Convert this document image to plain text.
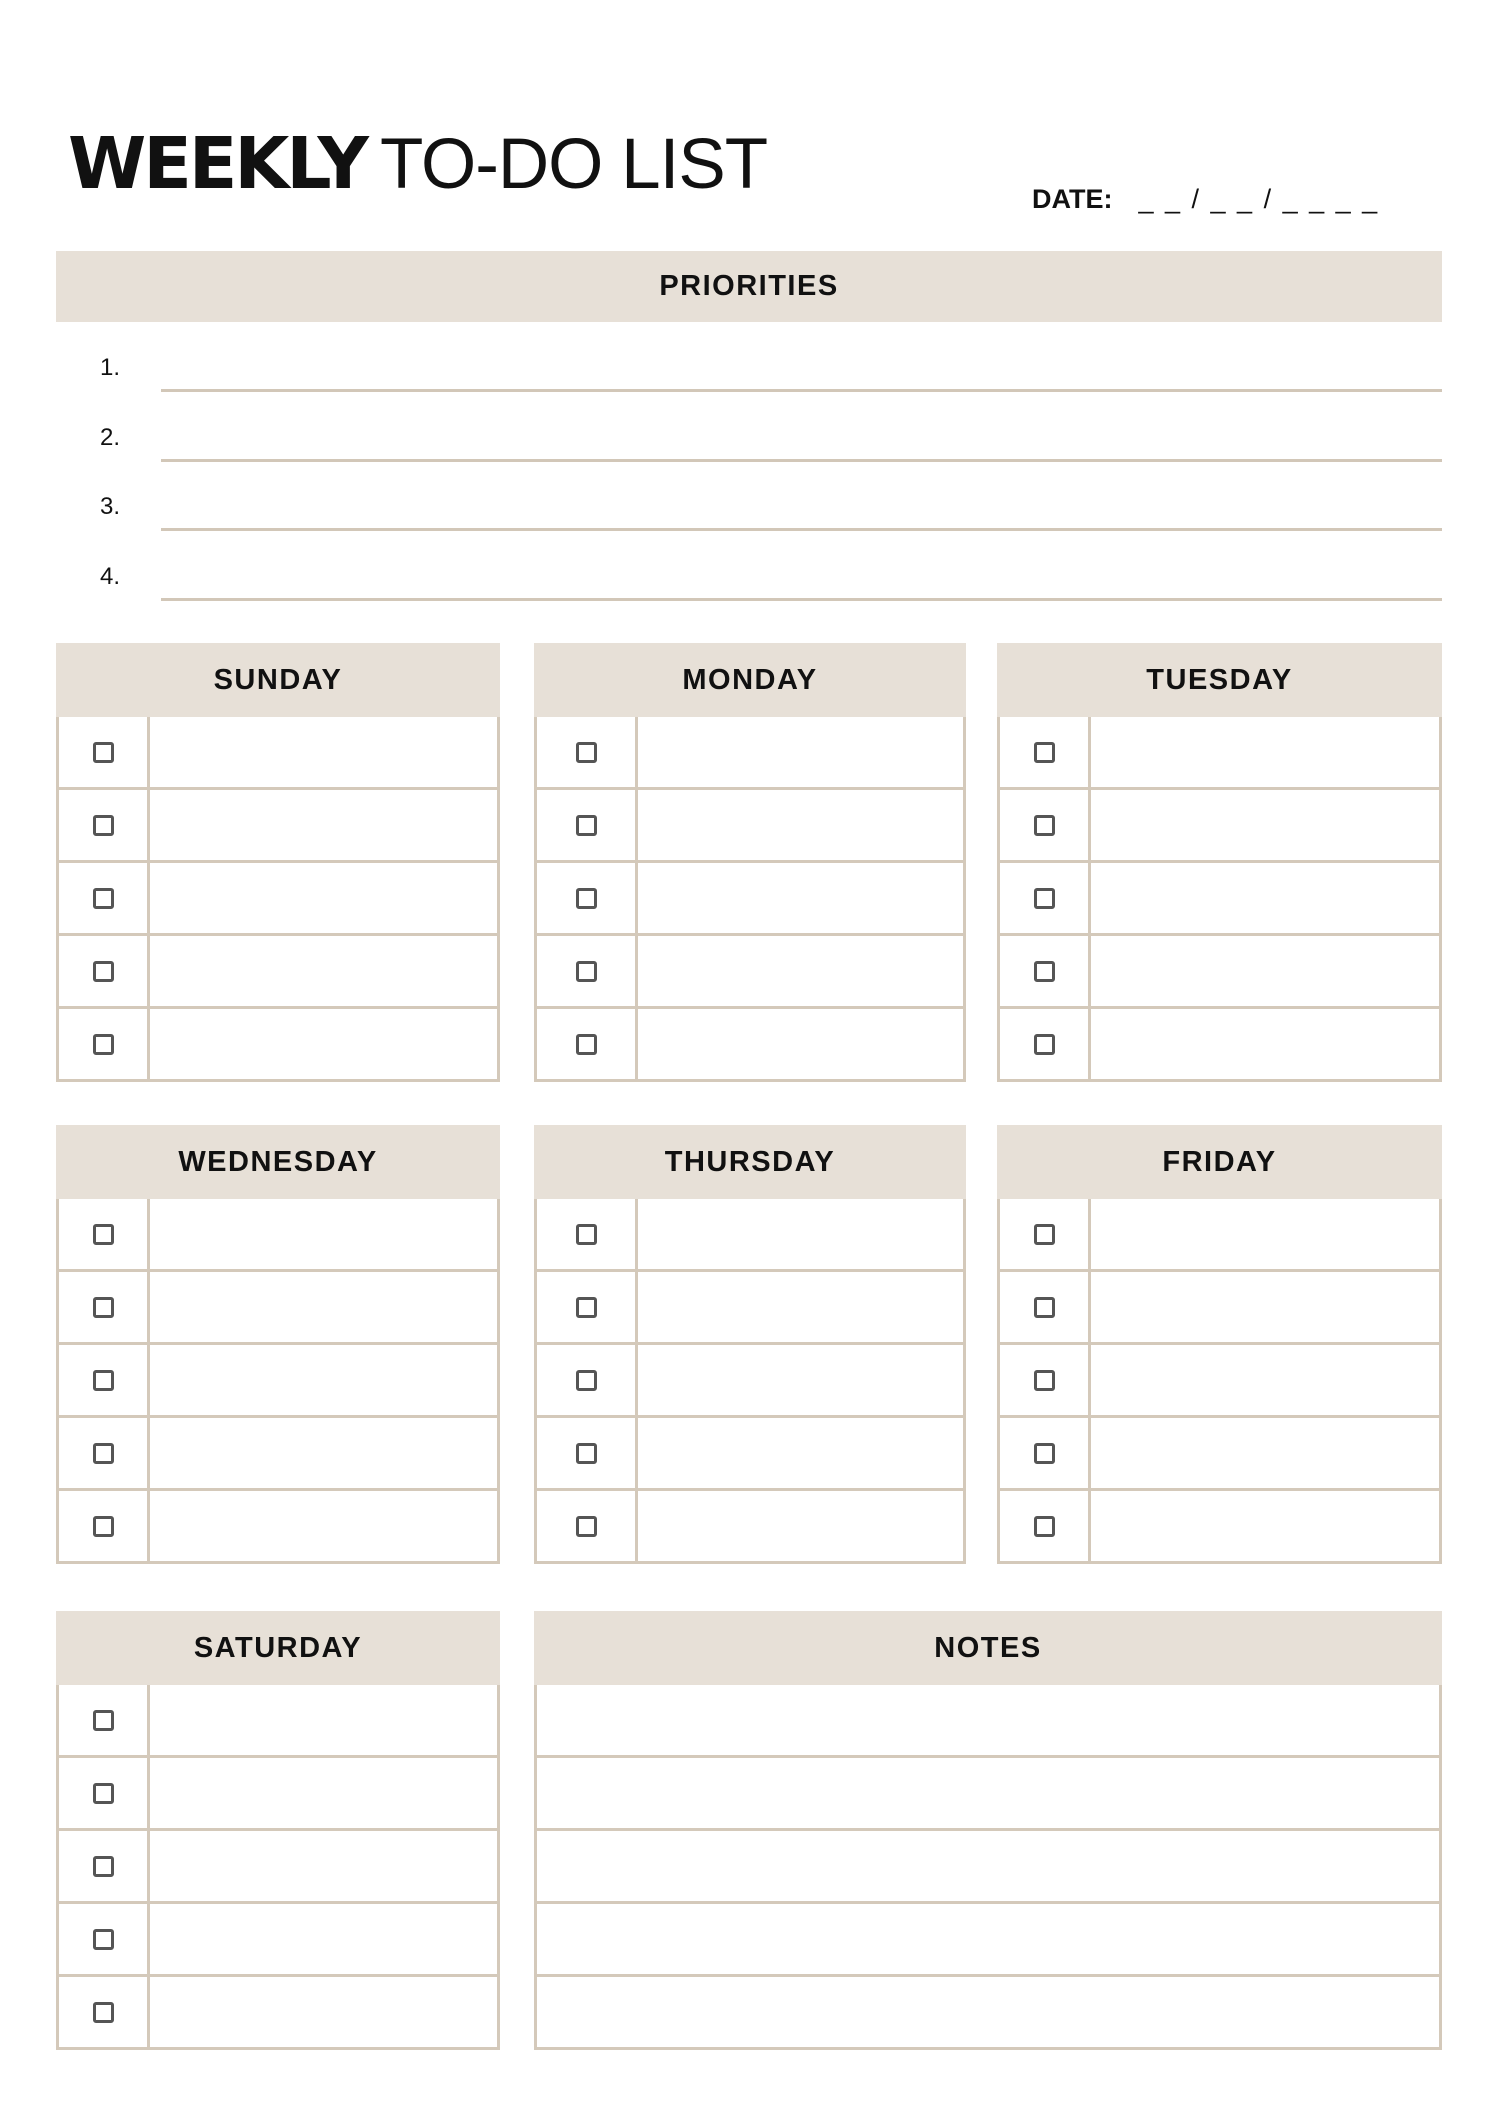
WEEKLY TO-DO LIST	DATE: _ _ / _ _ / _ _ _ _
PRIORITIES
1.
2.
3.
4.
SUNDAY	MONDAY	TUESDAY
WEDNESDAY	THURSDAY	FRIDAY
SATURDAY	NOTES
